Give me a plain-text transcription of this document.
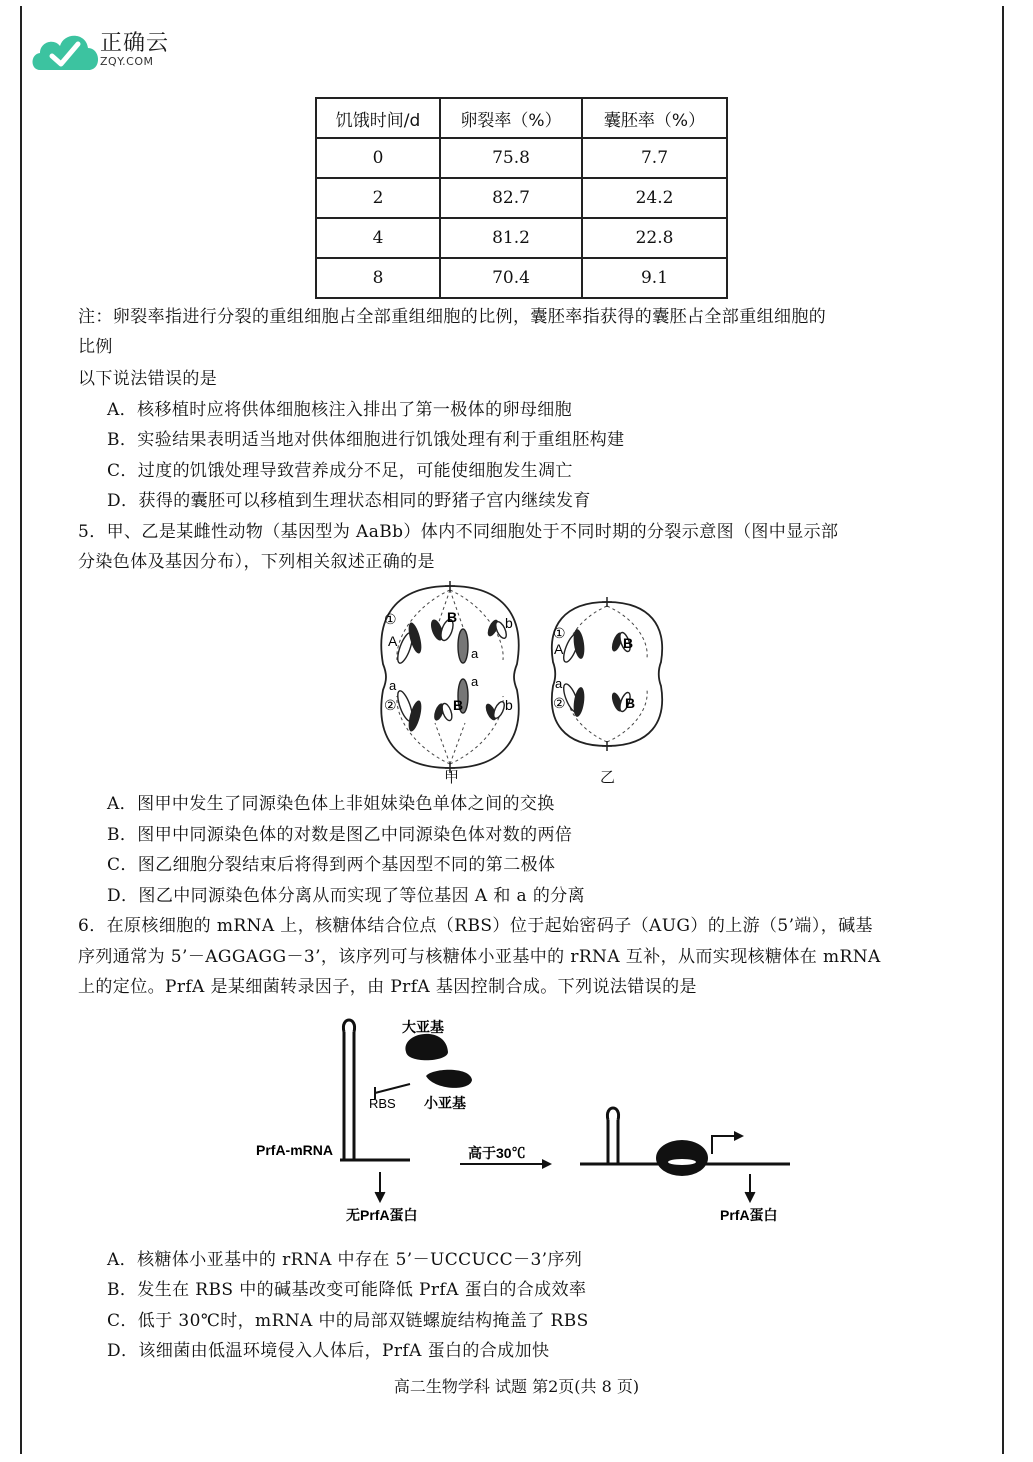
正确云
ZQY.COM
饥饿时间/d	卵裂率（%）	囊胚率（%）
0	75.8	7.7
2	82.7	24.2
4	81.2	22.8
8	70.4	9.1
注：卵裂率指进行分裂的重组细胞占全部重组细胞的比例，囊胚率指获得的囊胚占全部重组细胞的
比例
以下说法错误的是
A．核移植时应将供体细胞核注入排出了第一极体的卵母细胞
B．实验结果表明适当地对供体细胞进行饥饿处理有利于重组胚构建
C．过度的饥饿处理导致营养成分不足，可能使细胞发生凋亡
D．获得的囊胚可以移植到生理状态相同的野猪子宫内继续发育
5．甲、乙是某雌性动物（基因型为 AaBb）体内不同细胞处于不同时期的分裂示意图（图中显示部
分染色体及基因分布），下列相关叙述正确的是
①
A
B
a
b
a
②
a
B	b
①
A	B
a
②	B
甲	乙
A．图甲中发生了同源染色体上非姐妹染色单体之间的交换
B．图甲中同源染色体的对数是图乙中同源染色体对数的两倍
C．图乙细胞分裂结束后将得到两个基因型不同的第二极体
D．图乙中同源染色体分离从而实现了等位基因 A 和 a 的分离
6．在原核细胞的 mRNA 上，核糖体结合位点（RBS）位于起始密码子（AUG）的上游（5’端），碱基
序列通常为 5’－AGGAGG－3’，该序列可与核糖体小亚基中的 rRNA 互补，从而实现核糖体在 mRNA
上的定位。PrfA 是某细菌转录因子，由 PrfA 基因控制合成。下列说法错误的是
大亚基
RBS 小亚基
PrfA-mRNA
无PrfA蛋白
高于30℃
PrfA蛋白
A．核糖体小亚基中的 rRNA 中存在 5’－UCCUCC－3’序列
B．发生在 RBS 中的碱基改变可能降低 PrfA 蛋白的合成效率
C．低于 30℃时，mRNA 中的局部双链螺旋结构掩盖了 RBS
D．该细菌由低温环境侵入人体后，PrfA 蛋白的合成加快
高二生物学科 试题 第2页(共 8 页)
